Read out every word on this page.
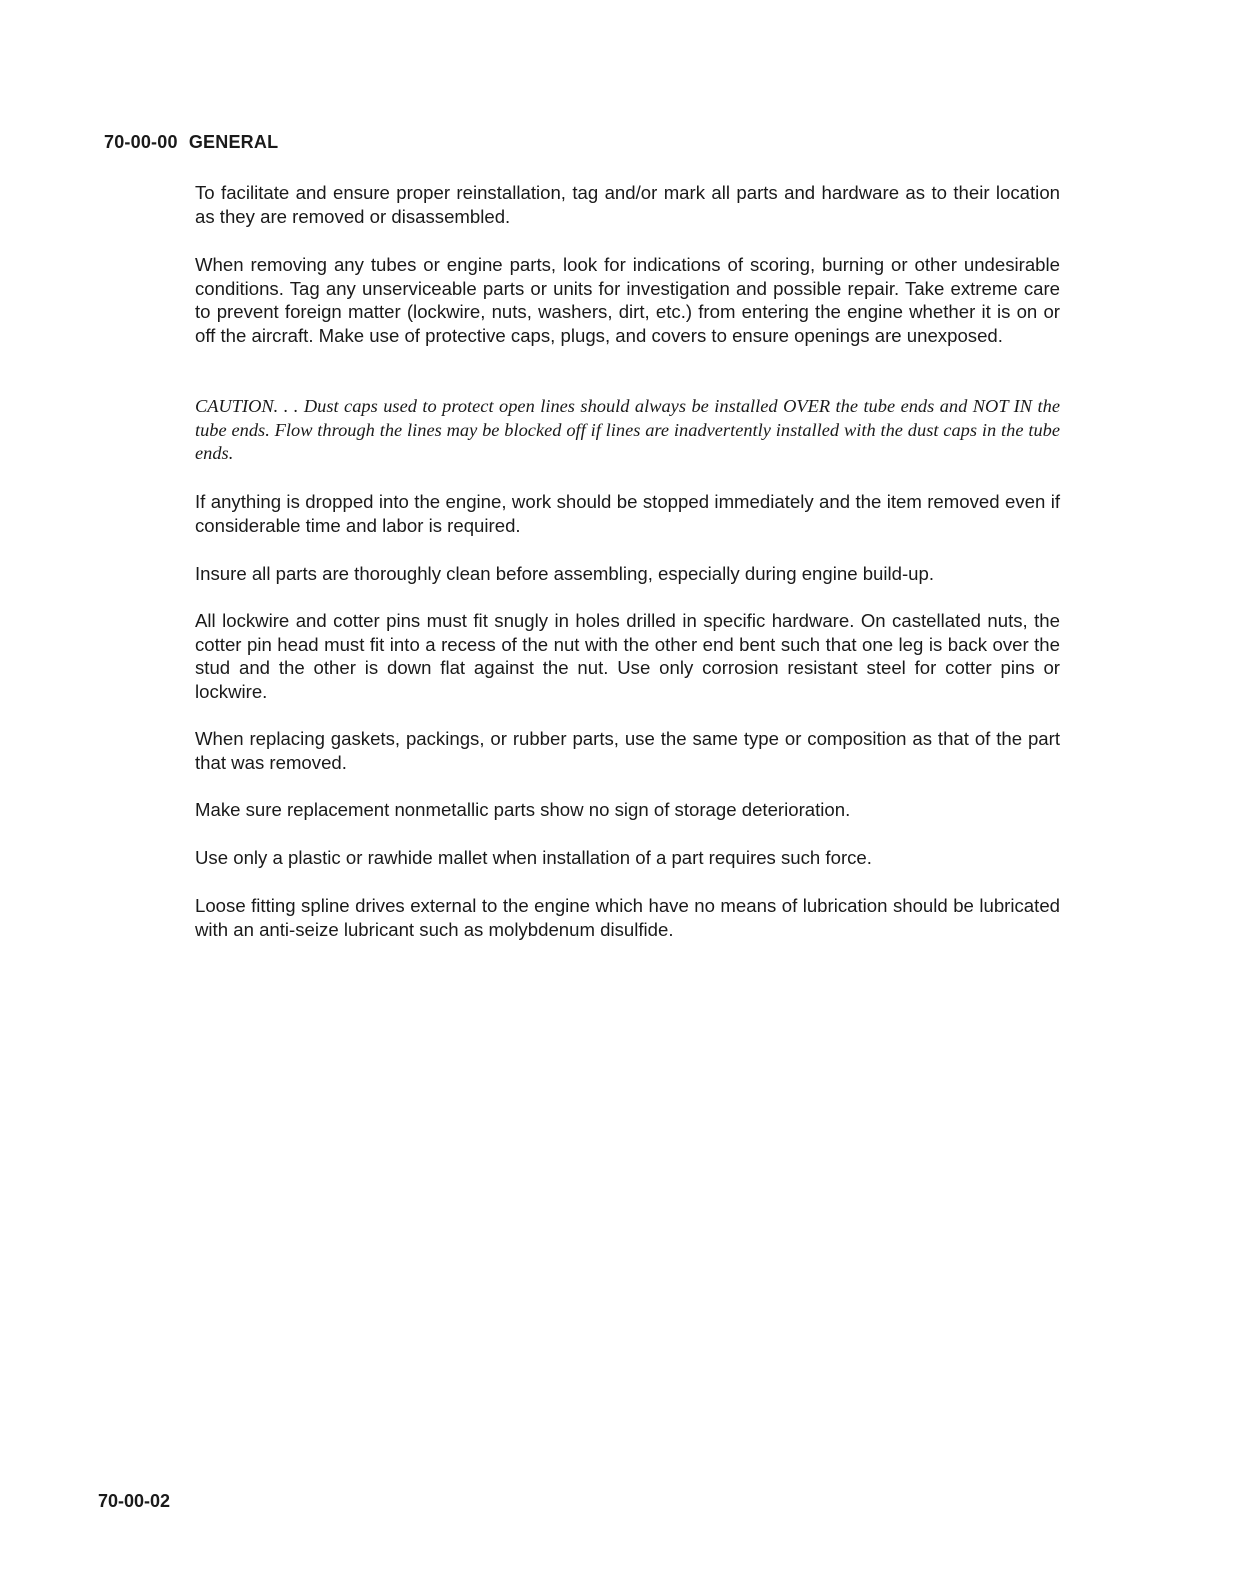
70-00-00 GENERAL

To facilitate and ensure proper reinstallation, tag and/or mark all parts and hardware as to their location as they are removed or disassembled.

When removing any tubes or engine parts, look for indications of scoring, burning or other undesirable conditions. Tag any unserviceable parts or units for investigation and possible repair. Take extreme care to prevent foreign matter (lockwire, nuts, washers, dirt, etc.) from entering the engine whether it is on or off the aircraft. Make use of protective caps, plugs, and covers to ensure openings are unexposed.

CAUTION. . . Dust caps used to protect open lines should always be installed OVER the tube ends and NOT IN the tube ends. Flow through the lines may be blocked off if lines are inadvertently installed with the dust caps in the tube ends.

If anything is dropped into the engine, work should be stopped immediately and the item removed even if considerable time and labor is required.

Insure all parts are thoroughly clean before assembling, especially during engine build-up.

All lockwire and cotter pins must fit snugly in holes drilled in specific hardware. On castellated nuts, the cotter pin head must fit into a recess of the nut with the other end bent such that one leg is back over the stud and the other is down flat against the nut. Use only corrosion resistant steel for cotter pins or lockwire.

When replacing gaskets, packings, or rubber parts, use the same type or composition as that of the part that was removed.

Make sure replacement nonmetallic parts show no sign of storage deterioration.

Use only a plastic or rawhide mallet when installation of a part requires such force.

Loose fitting spline drives external to the engine which have no means of lubrication should be lubricated with an anti-seize lubricant such as molybdenum disulfide.

70-00-02
